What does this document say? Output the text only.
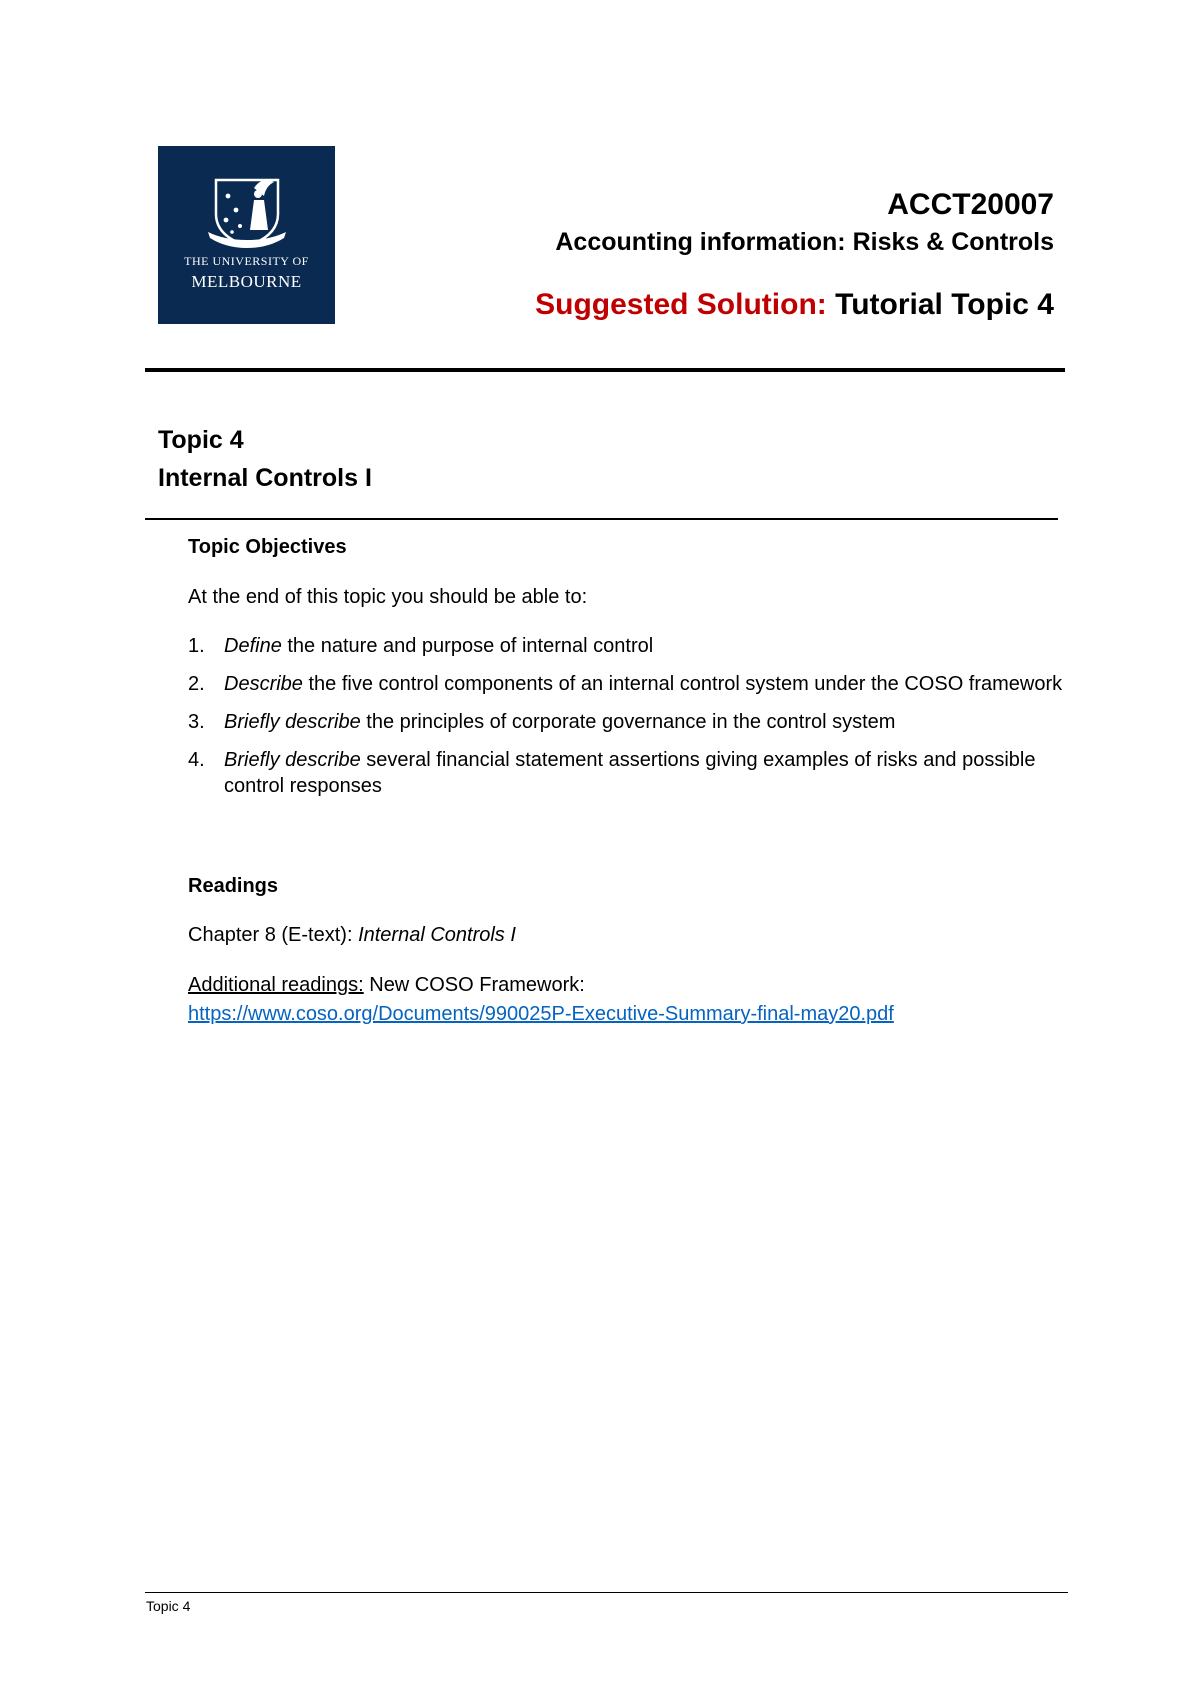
THE UNIVERSITY OF
MELBOURNE
ACCT20007
Accounting information: Risks & Controls
Suggested Solution: Tutorial Topic 4
Topic 4
Internal Controls I
Topic Objectives
At the end of this topic you should be able to:
1. Define the nature and purpose of internal control
2. Describe the five control components of an internal control system under the COSO framework
3. Briefly describe the principles of corporate governance in the control system
4. Briefly describe several financial statement assertions giving examples of risks and possible control responses
Readings
Chapter 8 (E-text): Internal Controls I
Additional readings: New COSO Framework:
https://www.coso.org/Documents/990025P-Executive-Summary-final-may20.pdf
Topic 4
